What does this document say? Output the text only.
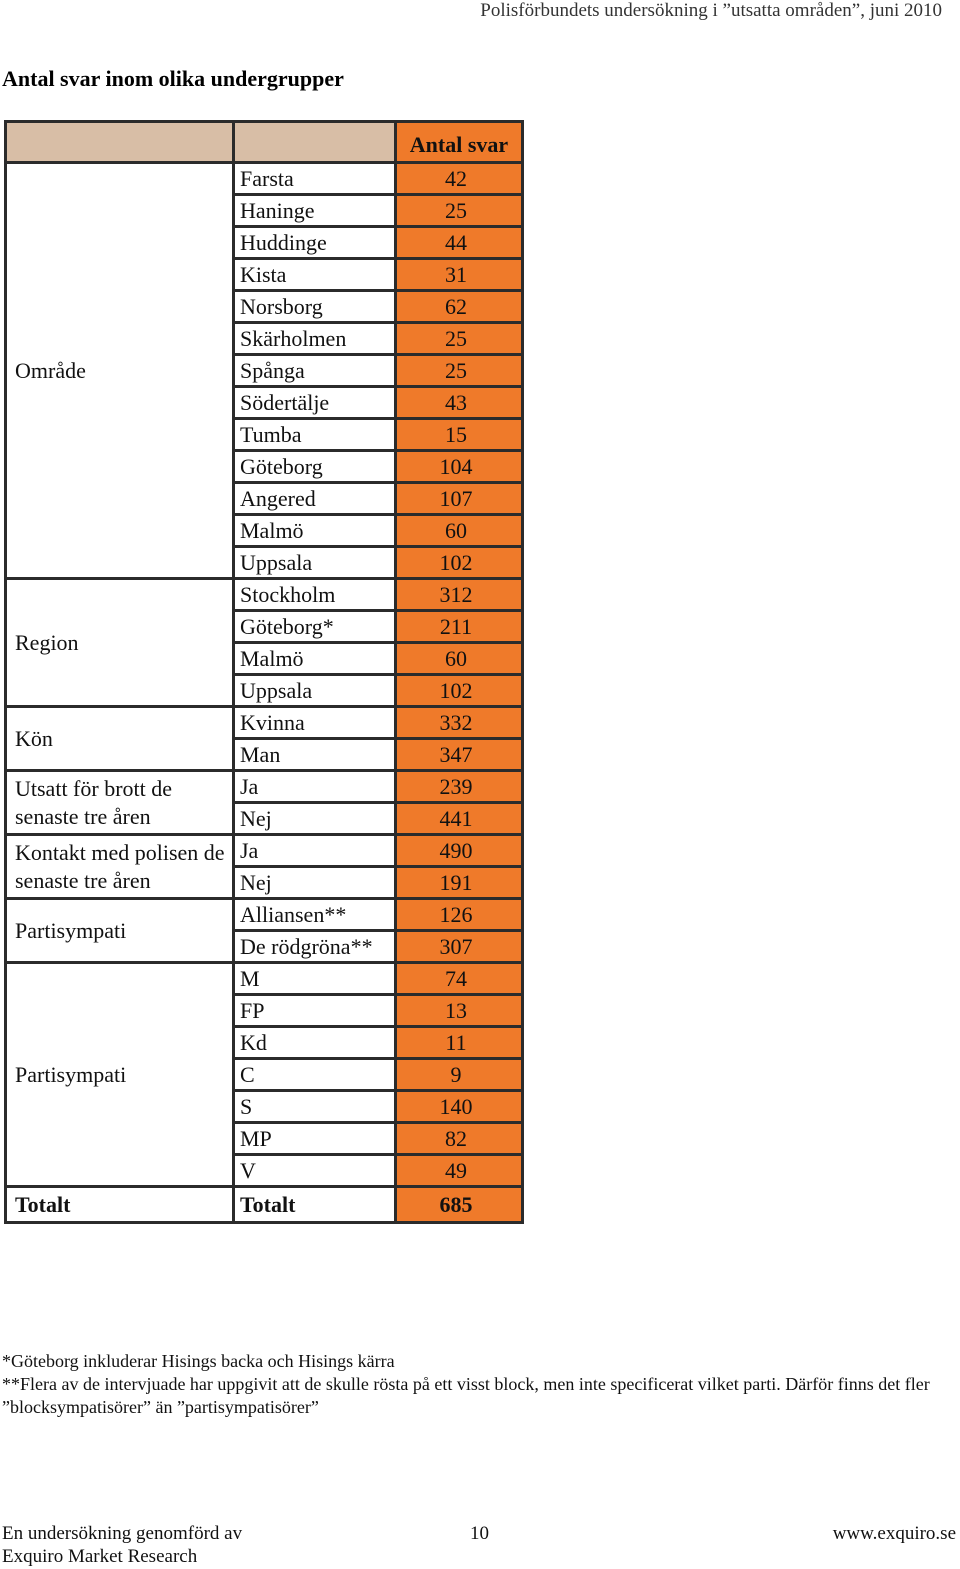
Polisförbundets undersökning i ”utsatta områden”, juni 2010
Antal svar inom olika undergrupper
		Antal svar
Område	Farsta	42
	Haninge	25
	Huddinge	44
	Kista	31
	Norsborg	62
	Skärholmen	25
	Spånga	25
	Södertälje	43
	Tumba	15
	Göteborg	104
	Angered	107
	Malmö	60
	Uppsala	102
Region	Stockholm	312
	Göteborg*	211
	Malmö	60
	Uppsala	102
Kön	Kvinna	332
	Man	347
Utsatt för brott de senaste tre åren	Ja	239
	Nej	441
Kontakt med polisen de senaste tre åren	Ja	490
	Nej	191
Partisympati	Alliansen**	126
	De rödgröna**	307
Partisympati	M	74
	FP	13
	Kd	11
	C	9
	S	140
	MP	82
	V	49
Totalt	Totalt	685

*Göteborg inkluderar Hisings backa och Hisings kärra

**Flera av de intervjuade har uppgivit att de skulle rösta på ett visst block, men inte specificerat vilket parti. Därför finns det fler ”blocksympatisörer” än ”partisympatisörer”

En undersökning genomförd av
Exquiro Market Research
10	www.exquiro.se
